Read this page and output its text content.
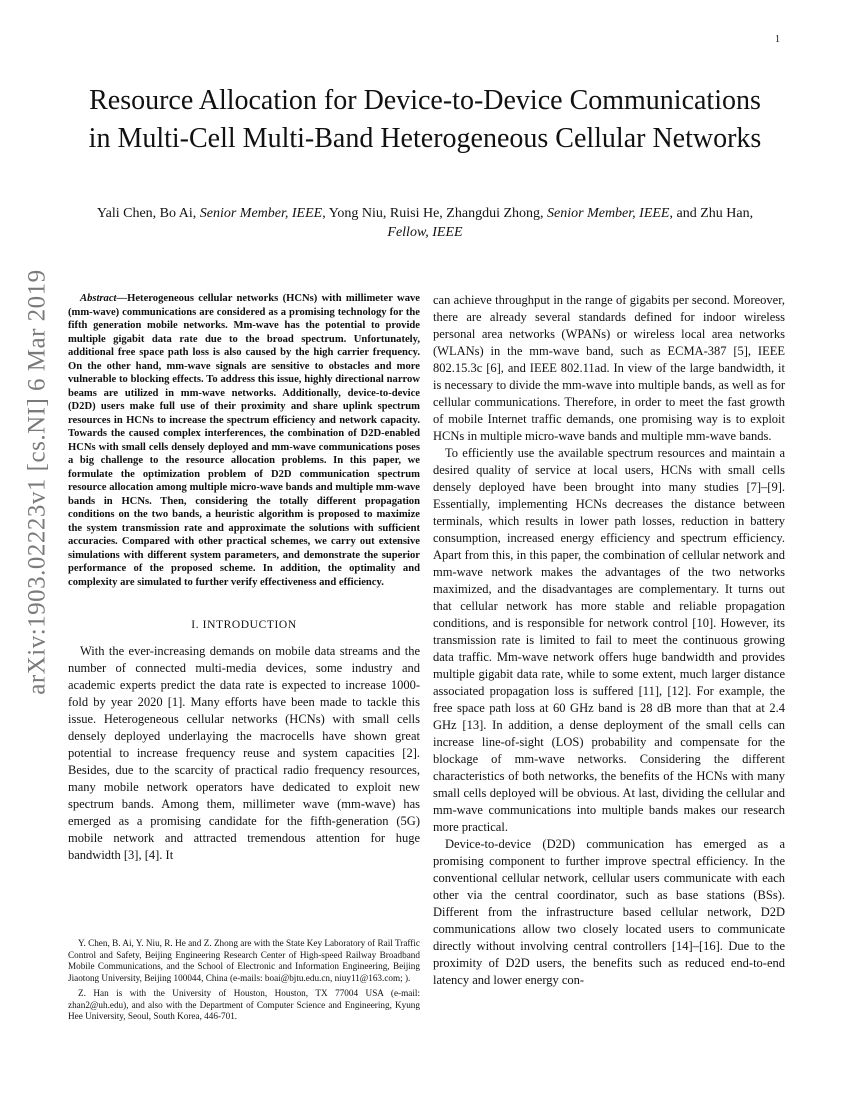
1
arXiv:1903.02223v1 [cs.NI] 6 Mar 2019
Resource Allocation for Device-to-Device Communications in Multi-Cell Multi-Band Heterogeneous Cellular Networks
Yali Chen, Bo Ai, Senior Member, IEEE, Yong Niu, Ruisi He, Zhangdui Zhong, Senior Member, IEEE, and Zhu Han, Fellow, IEEE

Abstract—Heterogeneous cellular networks (HCNs) with millimeter wave (mm-wave) communications are considered as a promising technology for the fifth generation mobile networks. Mm-wave has the potential to provide multiple gigabit data rate due to the broad spectrum. Unfortunately, additional free space path loss is also caused by the high carrier frequency. On the other hand, mm-wave signals are sensitive to obstacles and more vulnerable to blocking effects. To address this issue, highly directional narrow beams are utilized in mm-wave networks. Additionally, device-to-device (D2D) users make full use of their proximity and share uplink spectrum resources in HCNs to increase the spectrum efficiency and network capacity. Towards the caused complex interferences, the combination of D2D-enabled HCNs with small cells densely deployed and mm-wave communications poses a big challenge to the resource allocation problems. In this paper, we formulate the optimization problem of D2D communication spectrum resource allocation among multiple micro-wave bands and multiple mm-wave bands in HCNs. Then, considering the totally different propagation conditions on the two bands, a heuristic algorithm is proposed to maximize the system transmission rate and approximate the solutions with sufficient accuracies. Compared with other practical schemes, we carry out extensive simulations with different system parameters, and demonstrate the superior performance of the proposed scheme. In addition, the optimality and complexity are simulated to further verify effectiveness and efficiency.

I. INTRODUCTION

With the ever-increasing demands on mobile data streams and the number of connected multi-media devices, some industry and academic experts predict the data rate is expected to increase 1000-fold by year 2020 [1]. Many efforts have been made to tackle this issue. Heterogeneous cellular networks (HCNs) with small cells densely deployed underlaying the macrocells have shown great potential to increase frequency reuse and system capacities [2]. Besides, due to the scarcity of practical radio frequency resources, many mobile network operators have dedicated to exploit new spectrum bands. Among them, millimeter wave (mm-wave) has emerged as a promising candidate for the fifth-generation (5G) mobile network and attracted tremendous attention for huge bandwidth [3], [4]. It

Y. Chen, B. Ai, Y. Niu, R. He and Z. Zhong are with the State Key Laboratory of Rail Traffic Control and Safety, Beijing Engineering Research Center of High-speed Railway Broadband Mobile Communications, and the School of Electronic and Information Engineering, Beijing Jiaotong University, Beijing 100044, China (e-mails: boai@bjtu.edu.cn, niuy11@163.com; ).

Z. Han is with the University of Houston, Houston, TX 77004 USA (e-mail: zhan2@uh.edu), and also with the Department of Computer Science and Engineering, Kyung Hee University, Seoul, South Korea, 446-701.

can achieve throughput in the range of gigabits per second. Moreover, there are already several standards defined for indoor wireless personal area networks (WPANs) or wireless local area networks (WLANs) in the mm-wave band, such as ECMA-387 [5], IEEE 802.15.3c [6], and IEEE 802.11ad. In view of the large bandwidth, it is necessary to divide the mm-wave into multiple bands, as well as for cellular communications. Therefore, in order to meet the fast growth of mobile Internet traffic demands, one promising way is to exploit HCNs in multiple micro-wave bands and multiple mm-wave bands.

To efficiently use the available spectrum resources and maintain a desired quality of service at local users, HCNs with small cells densely deployed have been brought into many studies [7]–[9]. Essentially, implementing HCNs decreases the distance between terminals, which results in lower path losses, reduction in battery consumption, increased energy efficiency and spectrum efficiency. Apart from this, in this paper, the combination of cellular network and mm-wave network makes the advantages of the two networks maximized, and the disadvantages are complementary. It turns out that cellular network has more stable and reliable propagation conditions, and is responsible for network control [10]. However, its transmission rate is limited to fail to meet the continuous growing data traffic. Mm-wave network offers huge bandwidth and provides multiple gigabit data rate, while to some extent, much larger distance associated propagation loss is suffered [11], [12]. For example, the free space path loss at 60 GHz band is 28 dB more than that at 2.4 GHz [13]. In addition, a dense deployment of the small cells can increase line-of-sight (LOS) probability and compensate for the blockage of mm-wave networks. Considering the different characteristics of both networks, the benefits of the HCNs with many small cells deployed will be obvious. At last, dividing the cellular and mm-wave communications into multiple bands makes our research more practical.

Device-to-device (D2D) communication has emerged as a promising component to further improve spectral efficiency. In the conventional cellular network, cellular users communicate with each other via the central coordinator, such as base stations (BSs). Different from the infrastructure based cellular network, D2D communications allow two closely located users to communicate directly without involving central controllers [14]–[16]. Due to the proximity of D2D users, the benefits such as reduced end-to-end latency and lower energy con-
